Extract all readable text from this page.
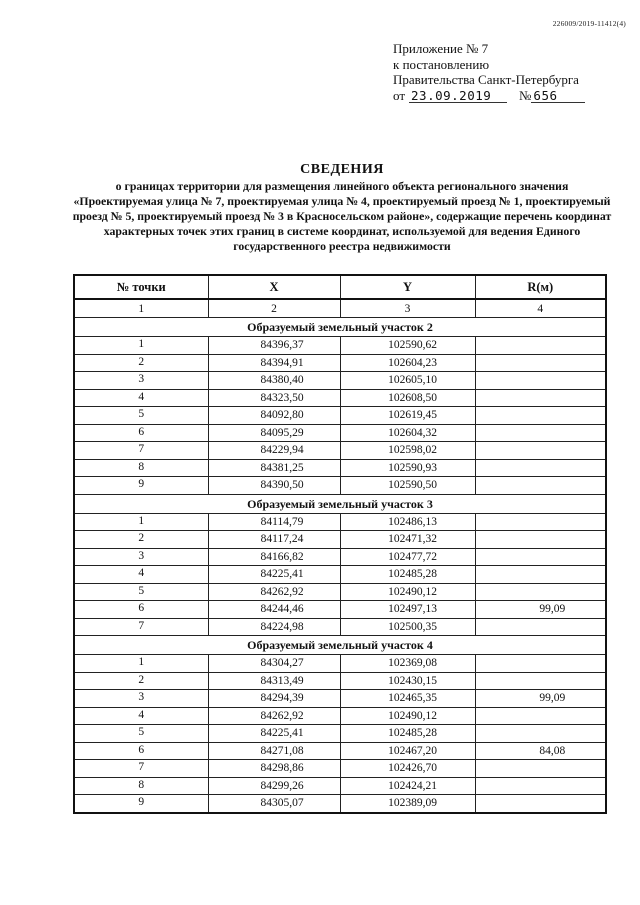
226009/2019-11412(4)
Приложение № 7
к постановлению
Правительства Санкт-Петербурга
от 23.09.2019 № 656
СВЕДЕНИЯ
о границах территории для размещения линейного объекта регионального значения «Проектируемая улица № 7, проектируемая улица № 4, проектируемый проезд № 1, проектируемый проезд № 5, проектируемый проезд № 3 в Красносельском районе», содержащие перечень координат характерных точек этих границ в системе координат, используемой для ведения Единого государственного реестра недвижимости
№ точки	X	Y	R(м)
1	2	3	4
Образуемый земельный участок 2			
1	84396,37	102590,62	
2	84394,91	102604,23	
3	84380,40	102605,10	
4	84323,50	102608,50	
5	84092,80	102619,45	
6	84095,29	102604,32	
7	84229,94	102598,02	
8	84381,25	102590,93	
9	84390,50	102590,50	
Образуемый земельный участок 3			
1	84114,79	102486,13	
2	84117,24	102471,32	
3	84166,82	102477,72	
4	84225,41	102485,28	
5	84262,92	102490,12	
6	84244,46	102497,13	99,09
7	84224,98	102500,35	
Образуемый земельный участок 4			
1	84304,27	102369,08	
2	84313,49	102430,15	
3	84294,39	102465,35	99,09
4	84262,92	102490,12	
5	84225,41	102485,28	
6	84271,08	102467,20	84,08
7	84298,86	102426,70	
8	84299,26	102424,21	
9	84305,07	102389,09	
